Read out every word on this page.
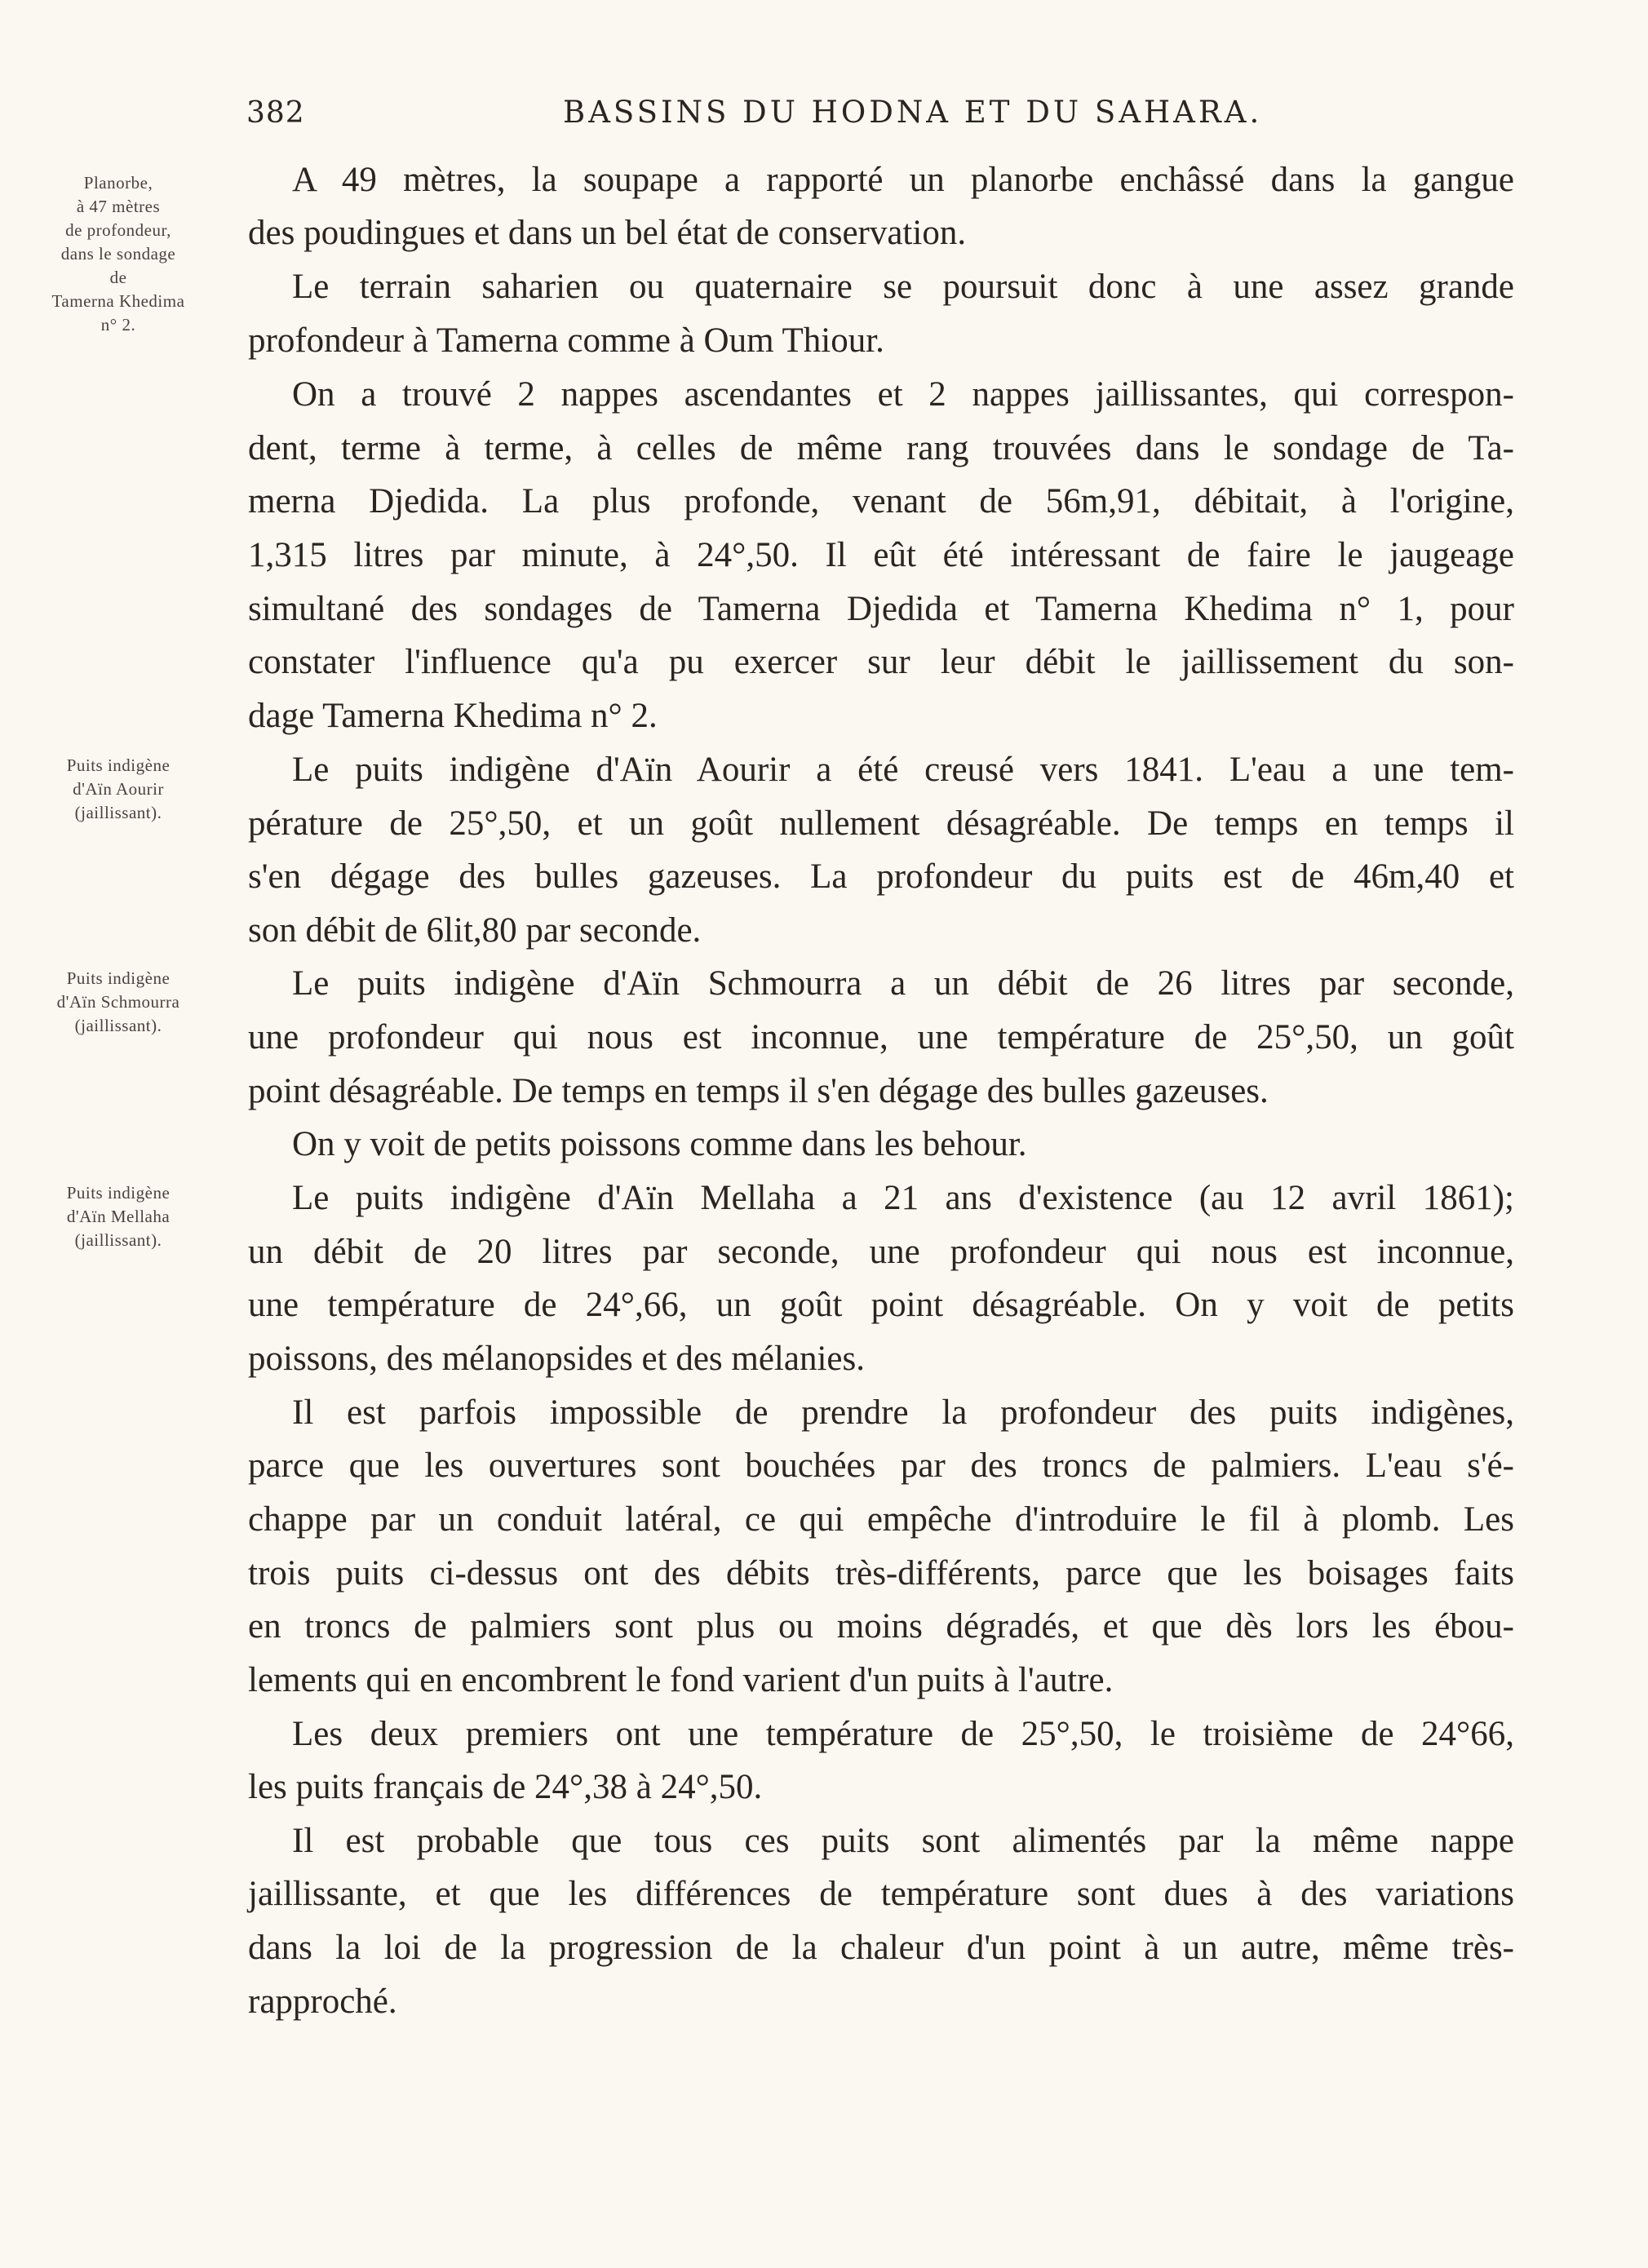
382	BASSINS DU HODNA ET DU SAHARA.
Planorbe,
à 47 mètres
de profondeur,
dans le sondage
de
Tamerna Khedima
n° 2.
Puits indigène
d'Aïn Aourir
(jaillissant).
Puits indigène
d'Aïn Schmourra
(jaillissant).
Puits indigène
d'Aïn Mellaha
(jaillissant).
A 49 mètres, la soupape a rapporté un planorbe enchâssé dans la gangue
des poudingues et dans un bel état de conservation.
Le terrain saharien ou quaternaire se poursuit donc à une assez grande
profondeur à Tamerna comme à Oum Thiour.
On a trouvé 2 nappes ascendantes et 2 nappes jaillissantes, qui correspon-
dent, terme à terme, à celles de même rang trouvées dans le sondage de Ta-
merna Djedida. La plus profonde, venant de 56m,91, débitait, à l'origine,
1,315 litres par minute, à 24°,50. Il eût été intéressant de faire le jaugeage
simultané des sondages de Tamerna Djedida et Tamerna Khedima n° 1, pour
constater l'influence qu'a pu exercer sur leur débit le jaillissement du son-
dage Tamerna Khedima n° 2.
Le puits indigène d'Aïn Aourir a été creusé vers 1841. L'eau a une tem-
pérature de 25°,50, et un goût nullement désagréable. De temps en temps il
s'en dégage des bulles gazeuses. La profondeur du puits est de 46m,40 et
son débit de 6lit,80 par seconde.
Le puits indigène d'Aïn Schmourra a un débit de 26 litres par seconde,
une profondeur qui nous est inconnue, une température de 25°,50, un goût
point désagréable. De temps en temps il s'en dégage des bulles gazeuses.
On y voit de petits poissons comme dans les behour.
Le puits indigène d'Aïn Mellaha a 21 ans d'existence (au 12 avril 1861);
un débit de 20 litres par seconde, une profondeur qui nous est inconnue,
une température de 24°,66, un goût point désagréable. On y voit de petits
poissons, des mélanopsides et des mélanies.
Il est parfois impossible de prendre la profondeur des puits indigènes,
parce que les ouvertures sont bouchées par des troncs de palmiers. L'eau s'é-
chappe par un conduit latéral, ce qui empêche d'introduire le fil à plomb. Les
trois puits ci-dessus ont des débits très-différents, parce que les boisages faits
en troncs de palmiers sont plus ou moins dégradés, et que dès lors les ébou-
lements qui en encombrent le fond varient d'un puits à l'autre.
Les deux premiers ont une température de 25°,50, le troisième de 24°66,
les puits français de 24°,38 à 24°,50.
Il est probable que tous ces puits sont alimentés par la même nappe
jaillissante, et que les différences de température sont dues à des variations
dans la loi de la progression de la chaleur d'un point à un autre, même très-
rapproché.
